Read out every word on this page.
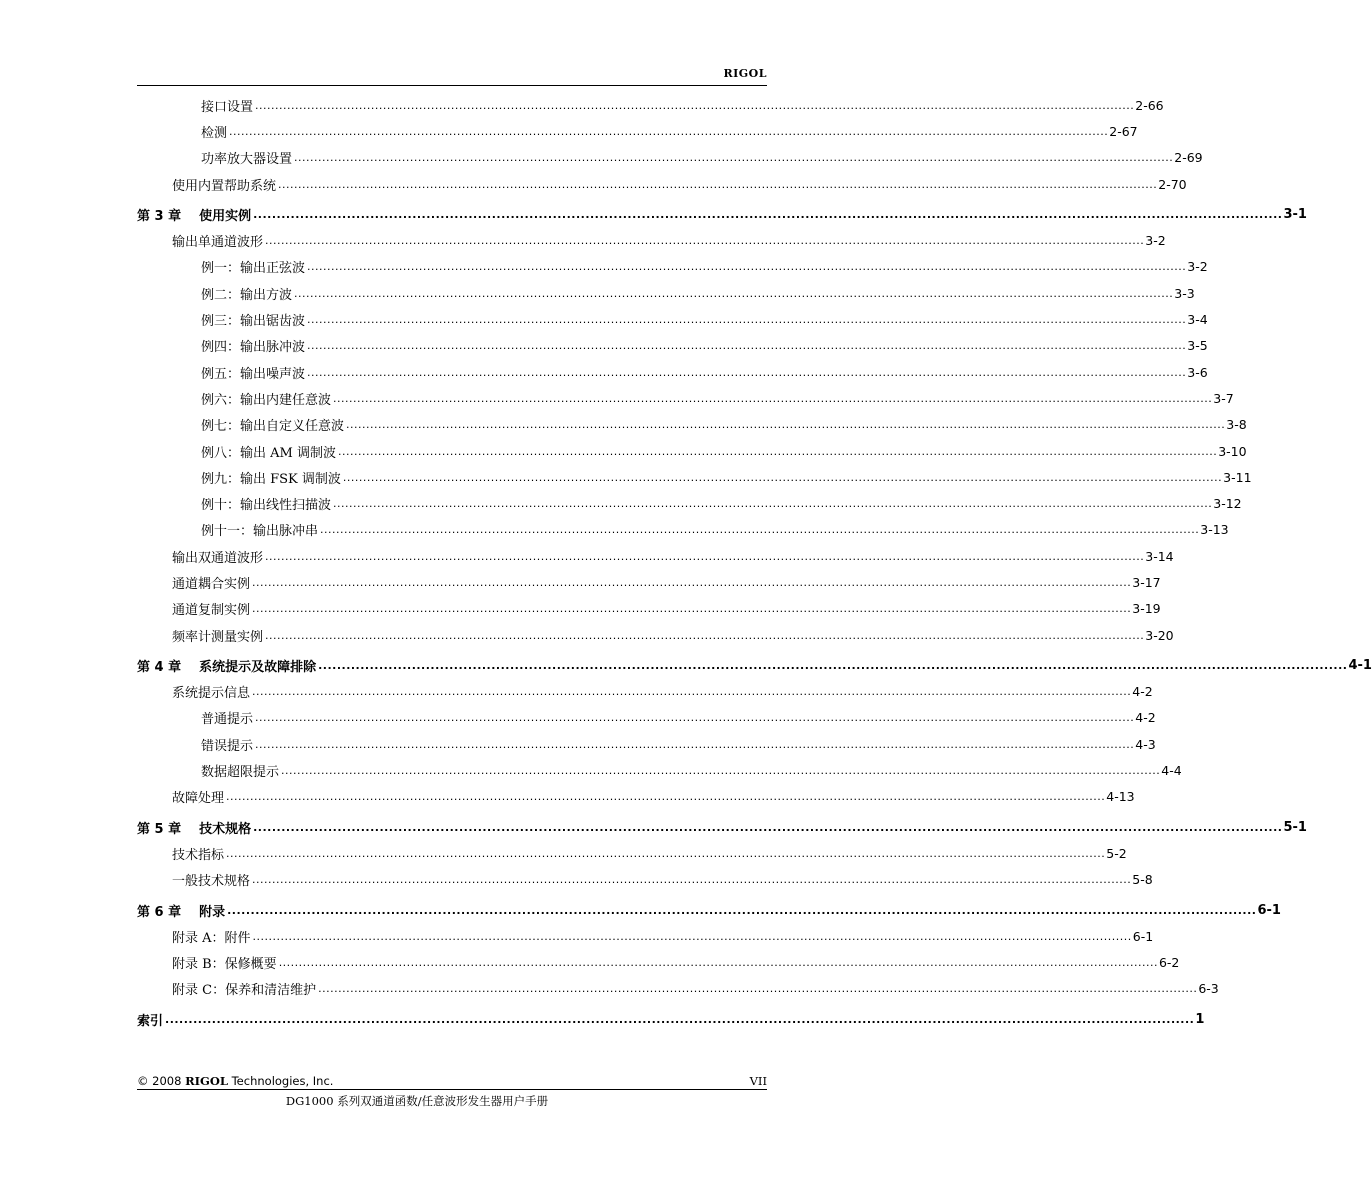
RIGOL
接口设置 ............................................................................................................................................................................................................................ 2-66
检测 ............................................................................................................................................................................................................................ 2-67
功率放大器设置 ............................................................................................................................................................................................................................ 2-69
使用内置帮助系统 ............................................................................................................................................................................................................................ 2-70
第 3 章 使用实例 ............................................................................................................................................................................................................................ 3-1
输出单通道波形 ............................................................................................................................................................................................................................ 3-2
例一：输出正弦波 ............................................................................................................................................................................................................................ 3-2
例二：输出方波 ............................................................................................................................................................................................................................ 3-3
例三：输出锯齿波 ............................................................................................................................................................................................................................ 3-4
例四：输出脉冲波 ............................................................................................................................................................................................................................ 3-5
例五：输出噪声波 ............................................................................................................................................................................................................................ 3-6
例六：输出内建任意波 ............................................................................................................................................................................................................................ 3-7
例七：输出自定义任意波 ............................................................................................................................................................................................................................ 3-8
例八：输出 AM 调制波 ............................................................................................................................................................................................................................ 3-10
例九：输出 FSK 调制波 ............................................................................................................................................................................................................................ 3-11
例十：输出线性扫描波 ............................................................................................................................................................................................................................ 3-12
例十一：输出脉冲串 ............................................................................................................................................................................................................................ 3-13
输出双通道波形 ............................................................................................................................................................................................................................ 3-14
通道耦合实例 ............................................................................................................................................................................................................................ 3-17
通道复制实例 ............................................................................................................................................................................................................................ 3-19
频率计测量实例 ............................................................................................................................................................................................................................ 3-20
第 4 章 系统提示及故障排除 ............................................................................................................................................................................................................................ 4-1
系统提示信息 ............................................................................................................................................................................................................................ 4-2
普通提示 ............................................................................................................................................................................................................................ 4-2
错误提示 ............................................................................................................................................................................................................................ 4-3
数据超限提示 ............................................................................................................................................................................................................................ 4-4
故障处理 ............................................................................................................................................................................................................................ 4-13
第 5 章 技术规格 ............................................................................................................................................................................................................................ 5-1
技术指标 ............................................................................................................................................................................................................................ 5-2
一般技术规格 ............................................................................................................................................................................................................................ 5-8
第 6 章 附录 ............................................................................................................................................................................................................................ 6-1
附录 A：附件 ............................................................................................................................................................................................................................ 6-1
附录 B：保修概要 ............................................................................................................................................................................................................................ 6-2
附录 C：保养和清洁维护 ............................................................................................................................................................................................................................ 6-3
索引 ............................................................................................................................................................................................................................ 1
© 2008 RIGOL Technologies, Inc.	VII
DG1000 系列双通道函数/任意波形发生器用户手册
